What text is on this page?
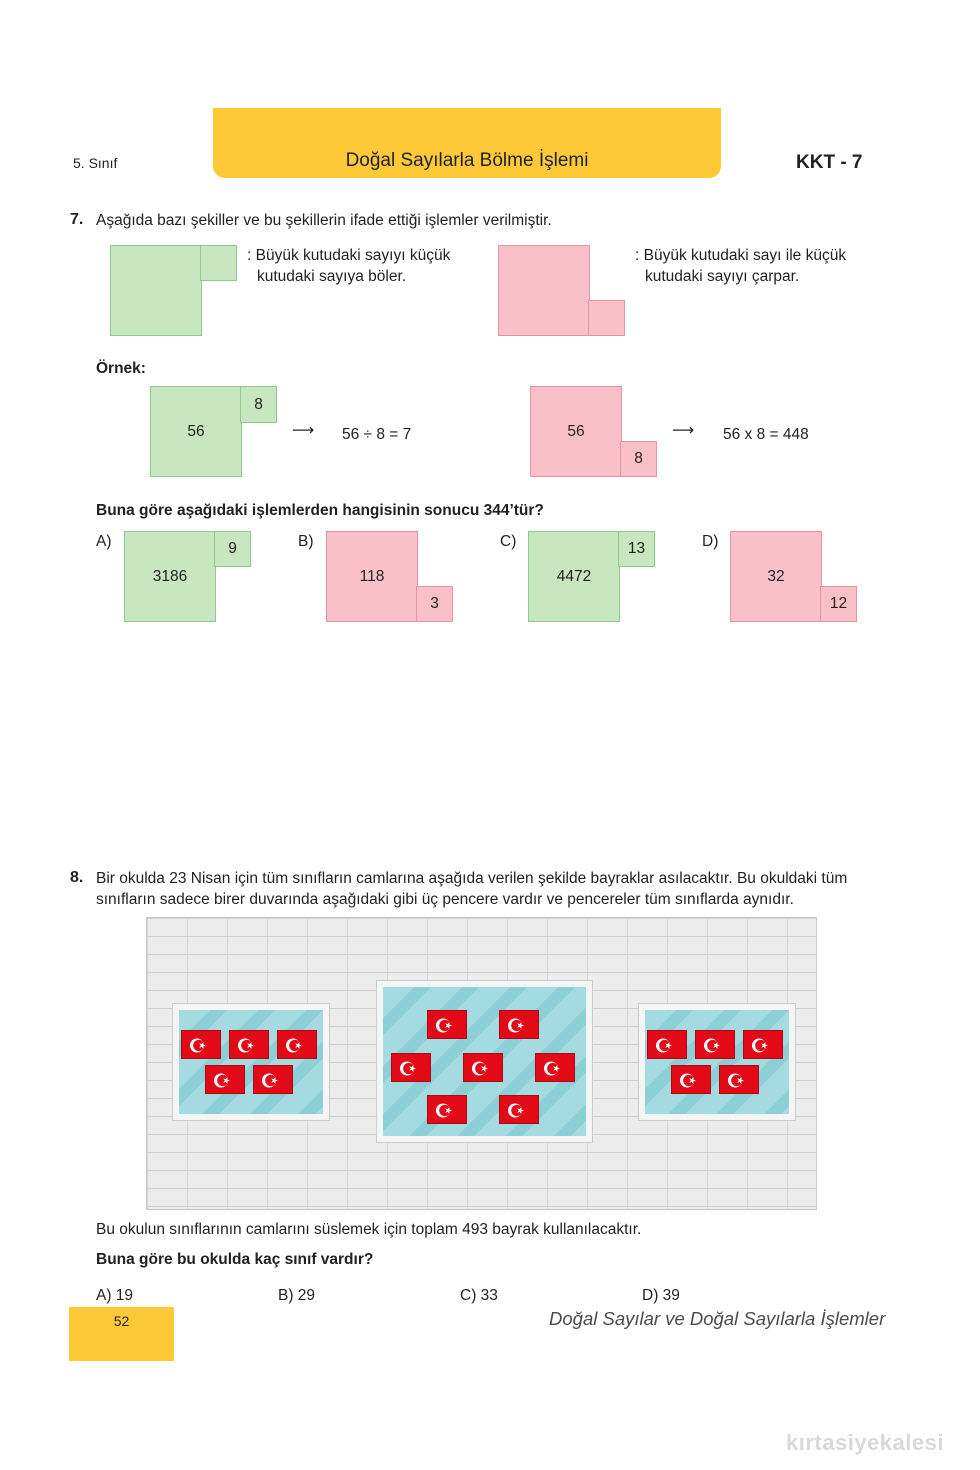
5. Sınıf	Doğal Sayılarla Bölme İşlemi	KKT - 7
7. Aşağıda bazı şekiller ve bu şekillerin ifade ettiği işlemler verilmiştir.
: Büyük kutudaki sayıyı küçük
kutudaki sayıya böler.
: Büyük kutudaki sayı ile küçük
kutudaki sayıyı çarpar.
Örnek:
56
8
⟶ 56 ÷ 8 = 7	56
8
⟶ 56 x 8 = 448
Buna göre aşağıdaki işlemlerden hangisinin sonucu 344’tür?
A)
3186
9	B)
118
3
C)
4472
13	D)
32
12
8. Bir okulda 23 Nisan için tüm sınıfların camlarına aşağıda verilen şekilde bayraklar asılacaktır. Bu okuldaki tüm
sınıfların sadece birer duvarında aşağıdaki gibi üç pencere vardır ve pencereler tüm sınıflarda aynıdır.
Bu okulun sınıflarının camlarını süslemek için toplam 493 bayrak kullanılacaktır.
Buna göre bu okulda kaç sınıf vardır?
A) 19	B) 29	C) 33	D) 39
52	Doğal Sayılar ve Doğal Sayılarla İşlemler
kırtasiyekalesi
